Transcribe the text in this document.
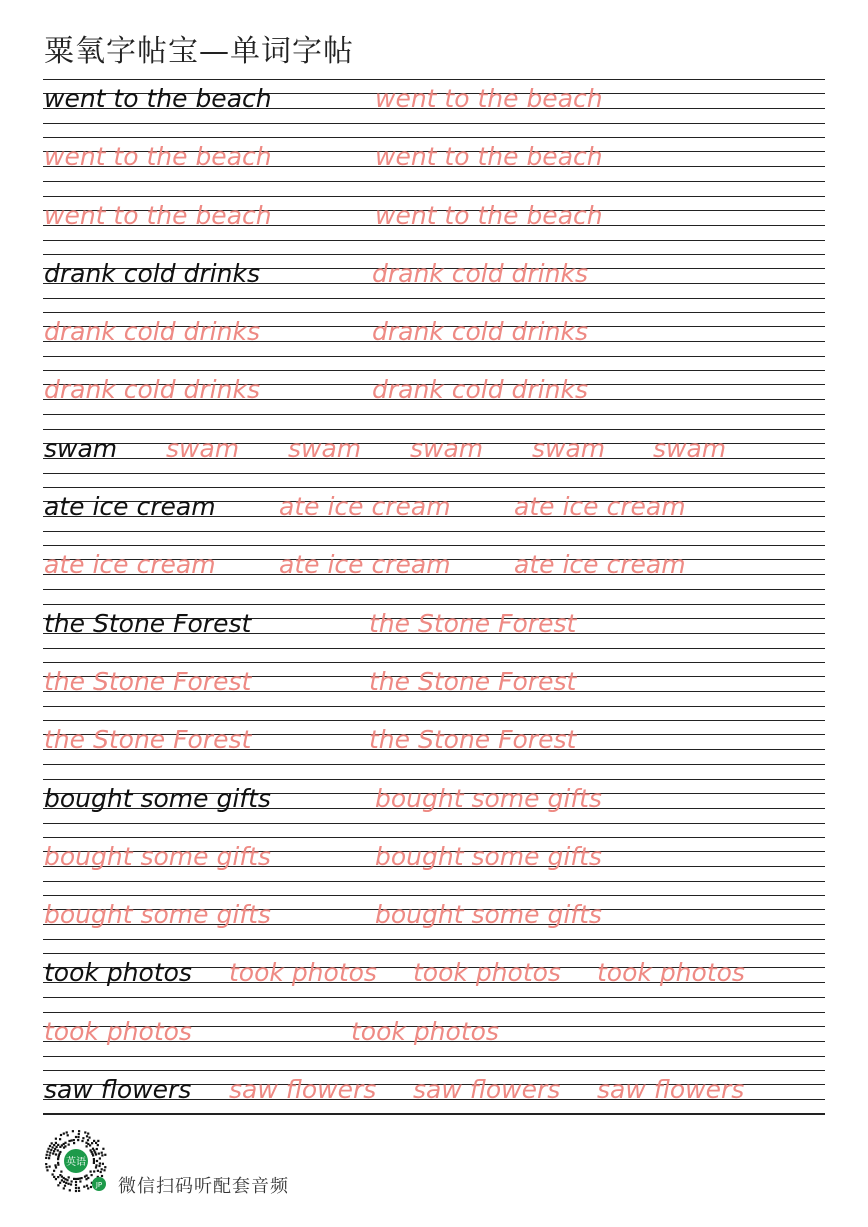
粟氧字帖宝—单词字帖
went to the beach	went to the beach
went to the beach	went to the beach
went to the beach	went to the beach
drank cold drinks	drank cold drinks
drank cold drinks	drank cold drinks
drank cold drinks	drank cold drinks
swam swam swam swam swam swam
ate ice cream	ate ice cream	ate ice cream
ate ice cream	ate ice cream	ate ice cream
the Stone Forest	the Stone Forest
the Stone Forest	the Stone Forest
the Stone Forest	the Stone Forest
bought some gifts	bought some gifts
bought some gifts	bought some gifts
bought some gifts	bought some gifts
took photos took photos took photos took photos
took photos	took photos
saw flowers saw flowers saw flowers saw flowers
英语
JP 微信扫码听配套音频
